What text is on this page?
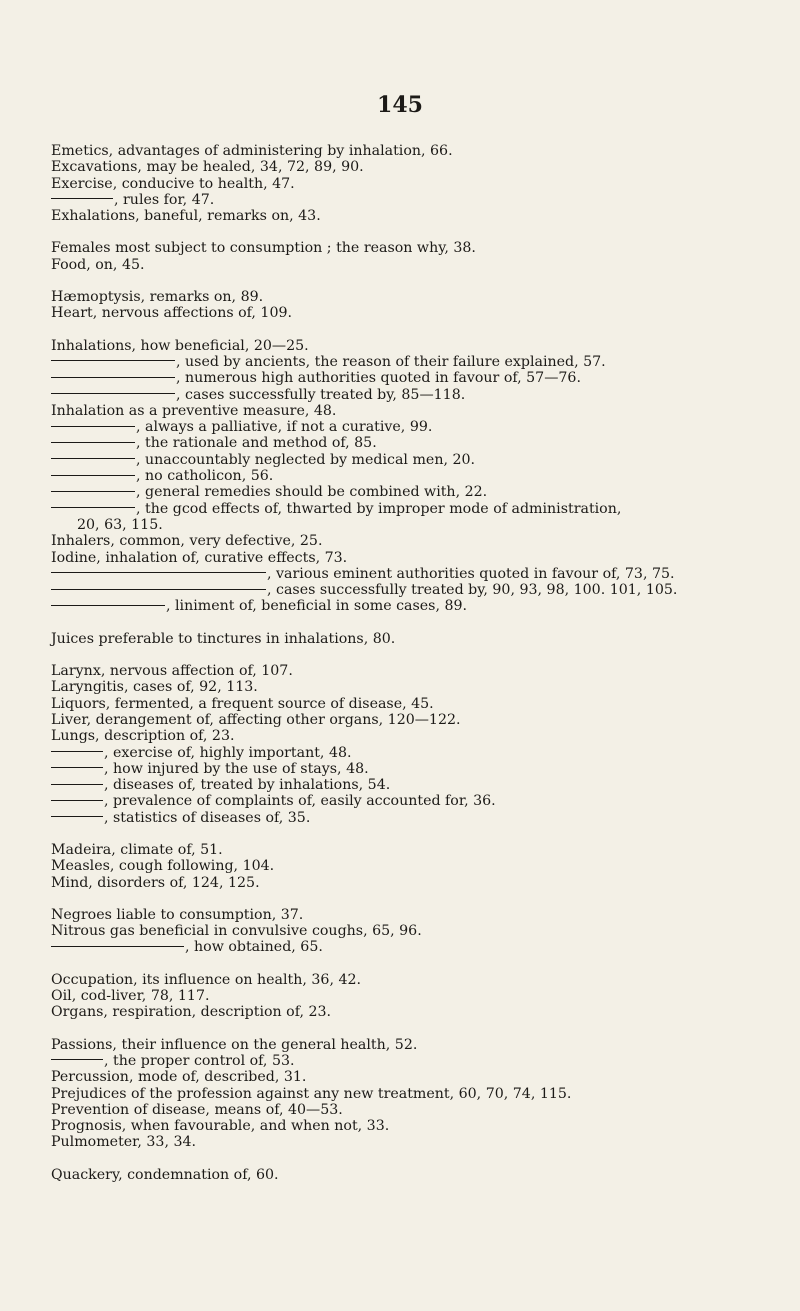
145
Emetics, advantages of administering by inhalation, 66.
Excavations, may be healed, 34, 72, 89, 90.
Exercise, conducive to health, 47.
, rules for, 47.
Exhalations, baneful, remarks on, 43.
Females most subject to consumption ; the reason why, 38.
Food, on, 45.
Hæmoptysis, remarks on, 89.
Heart, nervous affections of, 109.
Inhalations, how beneficial, 20—25.
, used by ancients, the reason of their failure explained, 57.
, numerous high authorities quoted in favour of, 57—76.
, cases successfully treated by, 85—118.
Inhalation as a preventive measure, 48.
, always a palliative, if not a curative, 99.
, the rationale and method of, 85.
, unaccountably neglected by medical men, 20.
, no catholicon, 56.
, general remedies should be combined with, 22.
, the gcod effects of, thwarted by improper mode of administration,
20, 63, 115.
Inhalers, common, very defective, 25.
Iodine, inhalation of, curative effects, 73.
, various eminent authorities quoted in favour of, 73, 75.
, cases successfully treated by, 90, 93, 98, 100. 101, 105.
, liniment of, beneficial in some cases, 89.
Juices preferable to tinctures in inhalations, 80.
Larynx, nervous affection of, 107.
Laryngitis, cases of, 92, 113.
Liquors, fermented, a frequent source of disease, 45.
Liver, derangement of, affecting other organs, 120—122.
Lungs, description of, 23.
, exercise of, highly important, 48.
, how injured by the use of stays, 48.
, diseases of, treated by inhalations, 54.
, prevalence of complaints of, easily accounted for, 36.
, statistics of diseases of, 35.
Madeira, climate of, 51.
Measles, cough following, 104.
Mind, disorders of, 124, 125.
Negroes liable to consumption, 37.
Nitrous gas beneficial in convulsive coughs, 65, 96.
, how obtained, 65.
Occupation, its influence on health, 36, 42.
Oil, cod-liver, 78, 117.
Organs, respiration, description of, 23.
Passions, their influence on the general health, 52.
, the proper control of, 53.
Percussion, mode of, described, 31.
Prejudices of the profession against any new treatment, 60, 70, 74, 115.
Prevention of disease, means of, 40—53.
Prognosis, when favourable, and when not, 33.
Pulmometer, 33, 34.
Quackery, condemnation of, 60.
